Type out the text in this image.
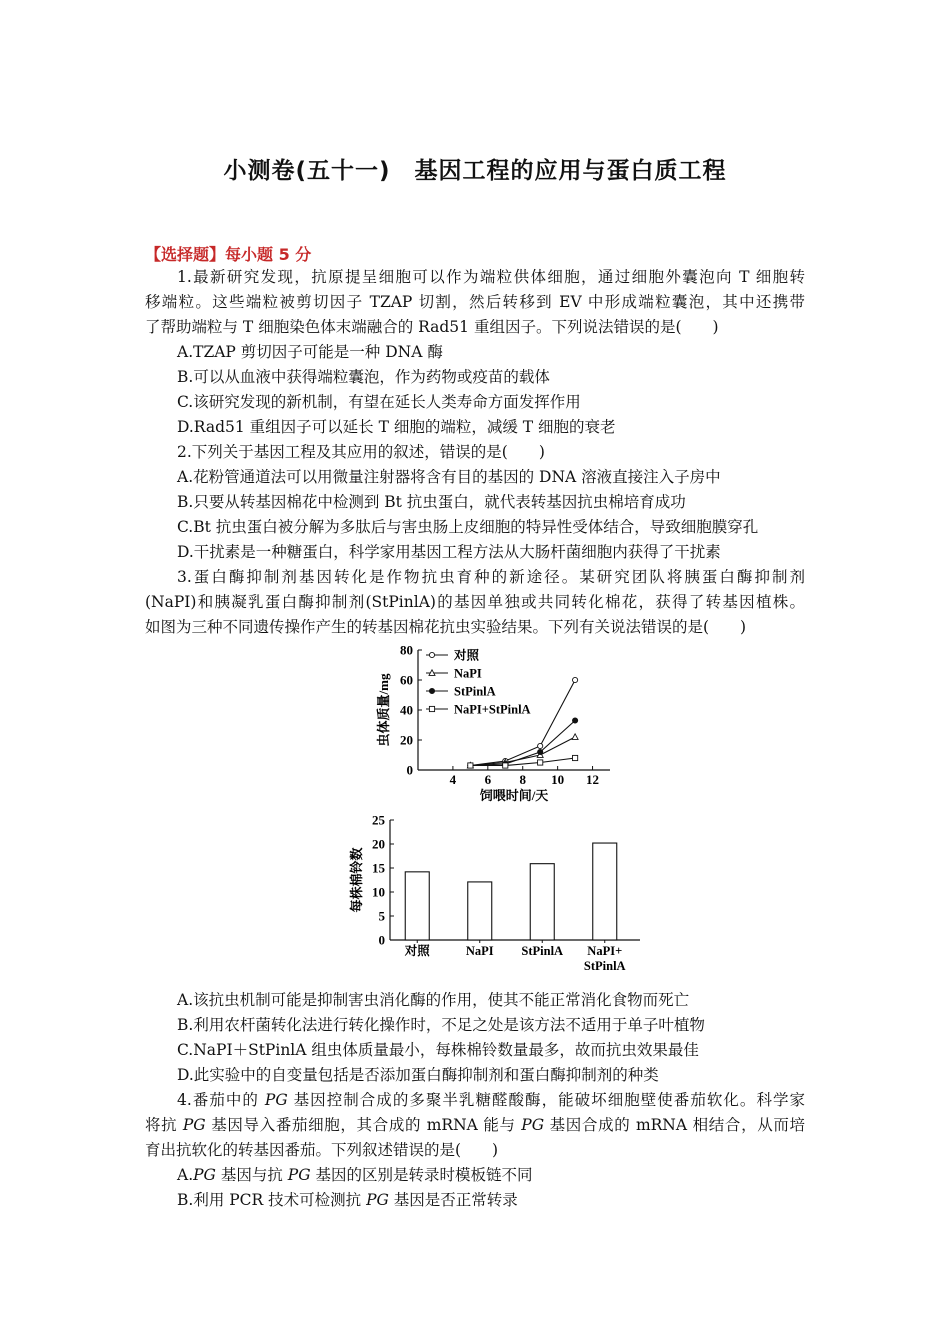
小测卷(五十一)　基因工程的应用与蛋白质工程
【选择题】每小题 5 分
1.最新研究发现，抗原提呈细胞可以作为端粒供体细胞，通过细胞外囊泡向 T 细胞转
移端粒。这些端粒被剪切因子 TZAP 切割，然后转移到 EV 中形成端粒囊泡，其中还携带
了帮助端粒与 T 细胞染色体末端融合的 Rad51 重组因子。下列说法错误的是(　　)
A.TZAP 剪切因子可能是一种 DNA 酶
B.可以从血液中获得端粒囊泡，作为药物或疫苗的载体
C.该研究发现的新机制，有望在延长人类寿命方面发挥作用
D.Rad51 重组因子可以延长 T 细胞的端粒，减缓 T 细胞的衰老
2.下列关于基因工程及其应用的叙述，错误的是(　　)
A.花粉管通道法可以用微量注射器将含有目的基因的 DNA 溶液直接注入子房中
B.只要从转基因棉花中检测到 Bt 抗虫蛋白，就代表转基因抗虫棉培育成功
C.Bt 抗虫蛋白被分解为多肽后与害虫肠上皮细胞的特异性受体结合，导致细胞膜穿孔
D.干扰素是一种糖蛋白，科学家用基因工程方法从大肠杆菌细胞内获得了干扰素
3.蛋白酶抑制剂基因转化是作物抗虫育种的新途径。某研究团队将胰蛋白酶抑制剂
(NaPI)和胰凝乳蛋白酶抑制剂(StPinlA)的基因单独或共同转化棉花，获得了转基因植株。
如图为三种不同遗传操作产生的转基因棉花抗虫实验结果。下列有关说法错误的是(　　)
0
20
40
60
80
4 6 8 10 12
饲喂时间/天
虫体质量/mg
对照
NaPI
StPinlA
NaPI+StPinlA
0
5
10
15
20
25
每株棉铃数
对照	NaPI StPinlA NaPI+
StPinlA
A.该抗虫机制可能是抑制害虫消化酶的作用，使其不能正常消化食物而死亡
B.利用农杆菌转化法进行转化操作时，不足之处是该方法不适用于单子叶植物
C.NaPI＋StPinlA 组虫体质量最小，每株棉铃数量最多，故而抗虫效果最佳
D.此实验中的自变量包括是否添加蛋白酶抑制剂和蛋白酶抑制剂的种类
4.番茄中的 PG 基因控制合成的多聚半乳糖醛酸酶，能破坏细胞壁使番茄软化。科学家
将抗 PG 基因导入番茄细胞，其合成的 mRNA 能与 PG 基因合成的 mRNA 相结合，从而培
育出抗软化的转基因番茄。下列叙述错误的是(　　)
A.PG 基因与抗 PG 基因的区别是转录时模板链不同
B.利用 PCR 技术可检测抗 PG 基因是否正常转录
